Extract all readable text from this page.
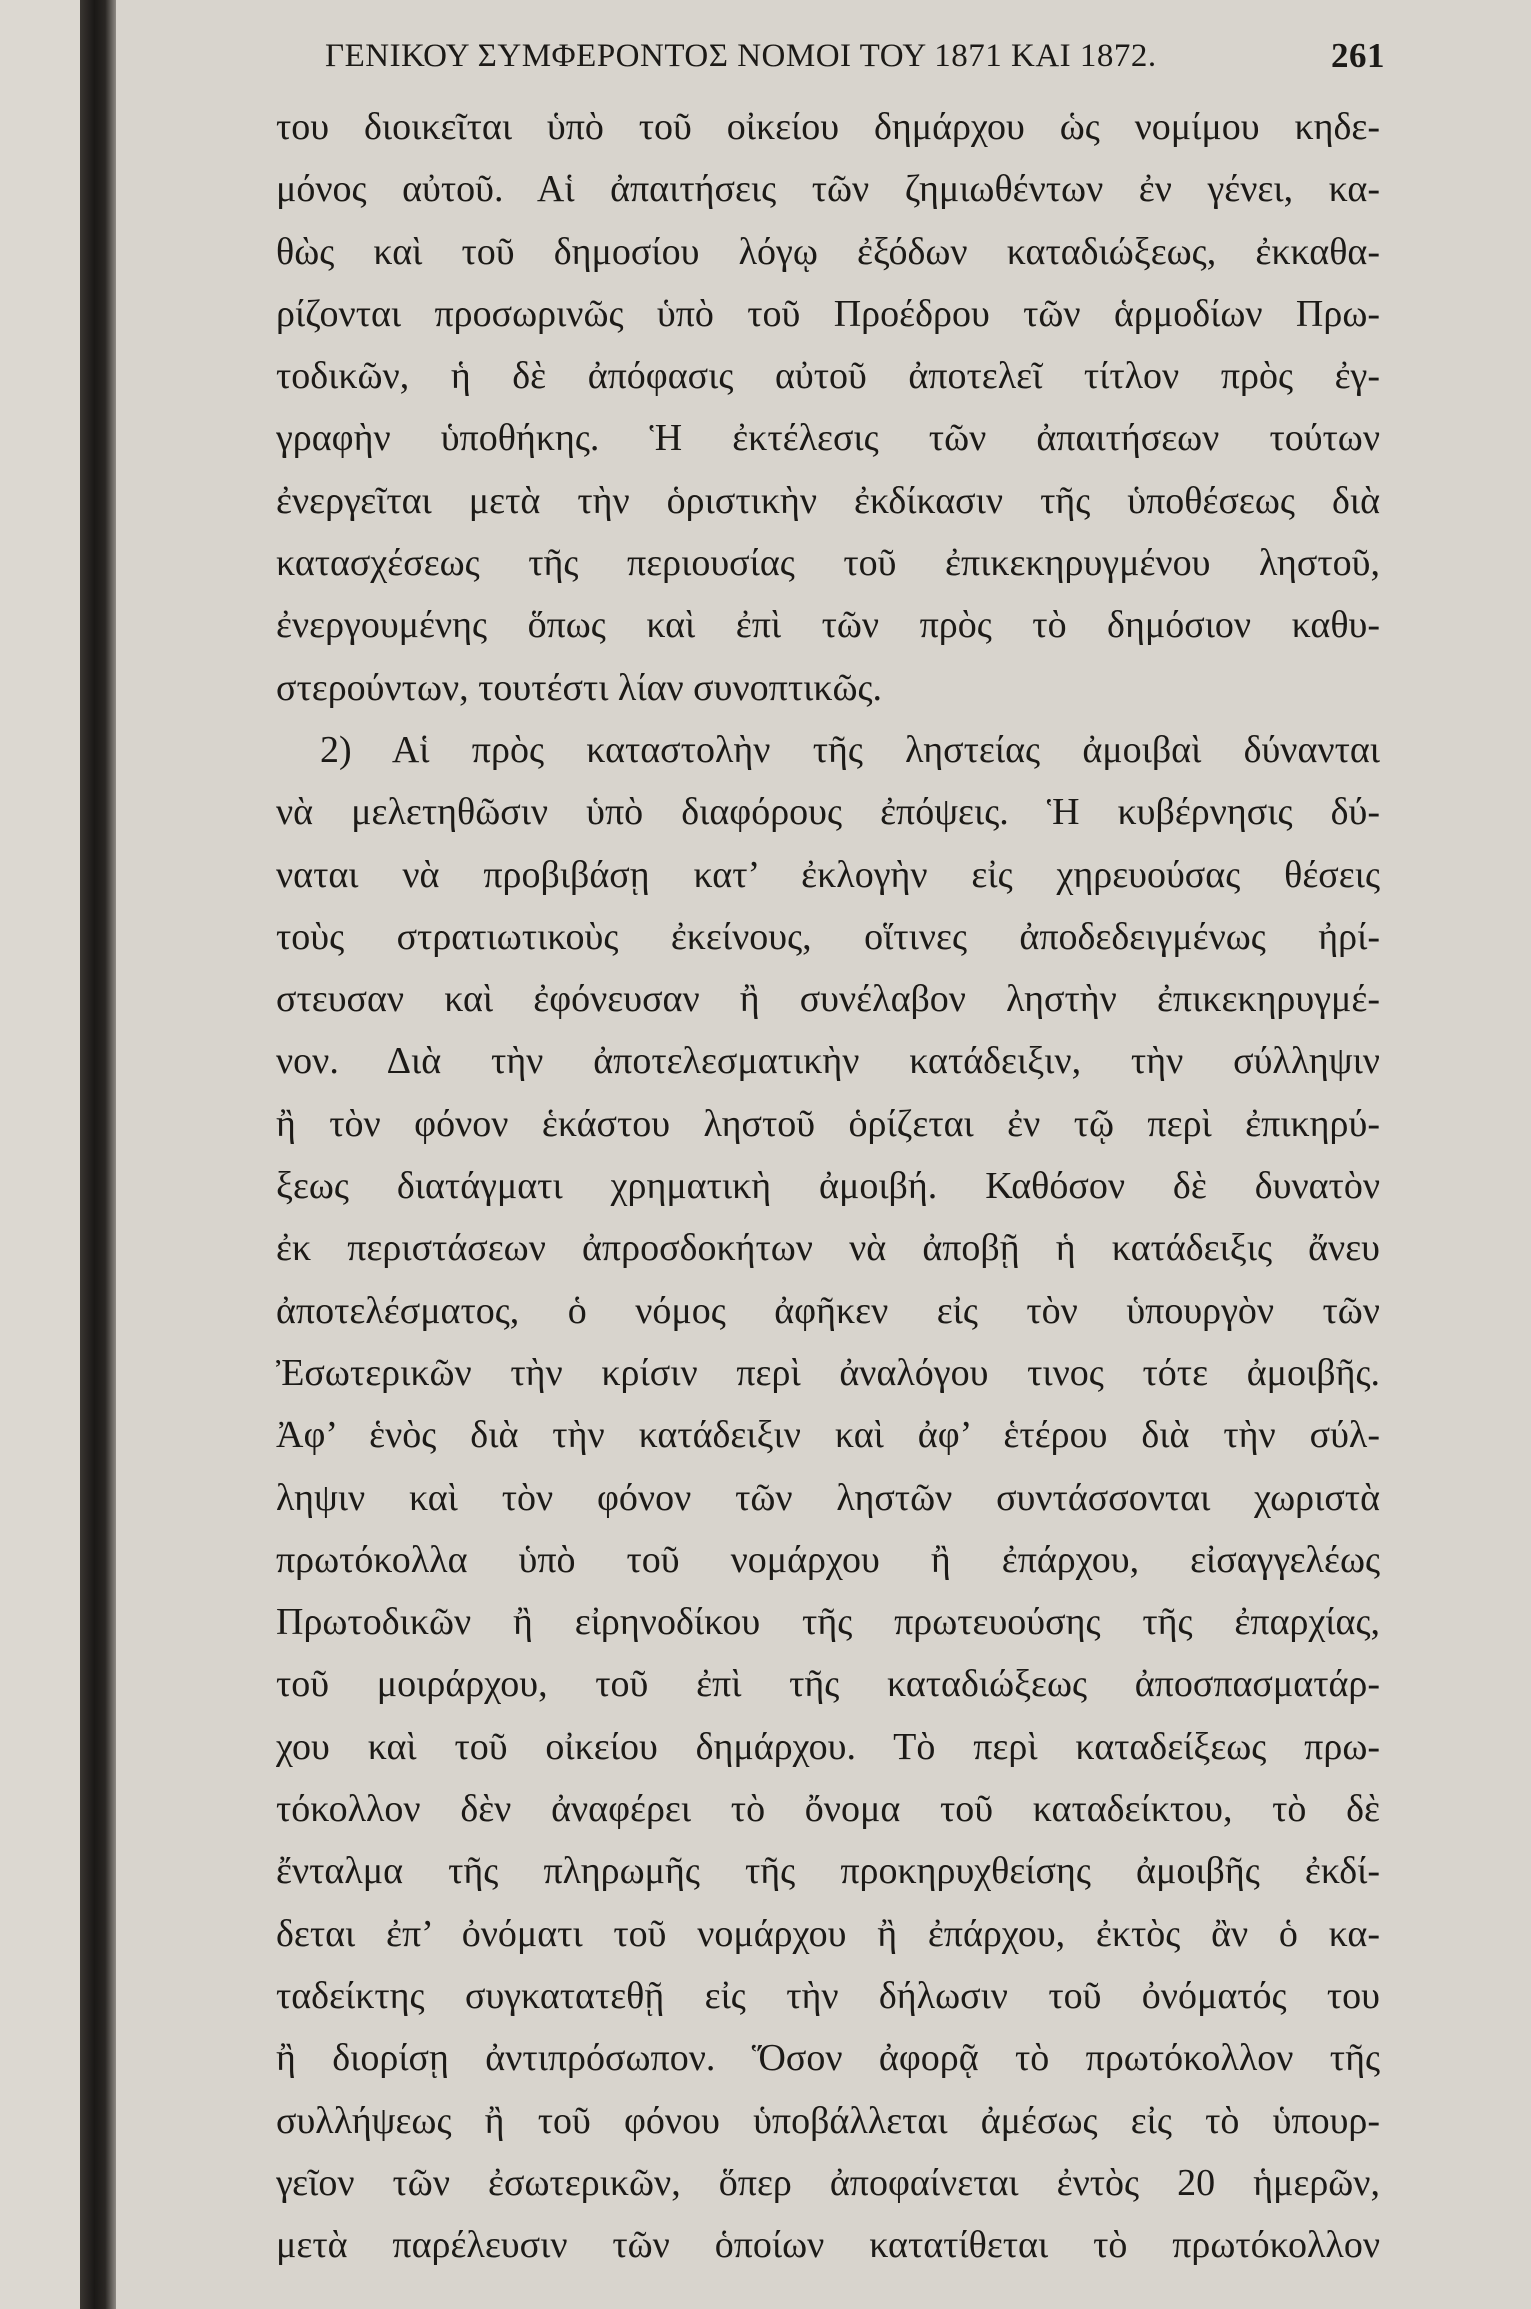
ΓΕΝΙΚΟΥ ΣΥΜΦΕΡΟΝΤΟΣ ΝΟΜΟΙ ΤΟΥ 1871 ΚΑΙ 1872.	261
του διοικεῖται ὑπὸ τοῦ οἰκείου δημάρχου ὡς νομίμου κηδε-
μόνος αὐτοῦ. Αἱ ἀπαιτήσεις τῶν ζημιωθέντων ἐν γένει, κα-
θὼς καὶ τοῦ δημοσίου λόγῳ ἐξόδων καταδιώξεως, ἐκκαθα-
ρίζονται προσωρινῶς ὑπὸ τοῦ Προέδρου τῶν ἁρμοδίων Πρω-
τοδικῶν, ἡ δὲ ἀπόφασις αὐτοῦ ἀποτελεῖ τίτλον πρὸς ἐγ-
γραφὴν ὑποθήκης. Ἡ ἐκτέλεσις τῶν ἀπαιτήσεων τούτων
ἐνεργεῖται μετὰ τὴν ὁριστικὴν ἐκδίκασιν τῆς ὑποθέσεως διὰ
κατασχέσεως τῆς περιουσίας τοῦ ἐπικεκηρυγμένου ληστοῦ,
ἐνεργουμένης ὅπως καὶ ἐπὶ τῶν πρὸς τὸ δημόσιον καθυ-
στερούντων, τουτέστι λίαν συνοπτικῶς.
2) Αἱ πρὸς καταστολὴν τῆς ληστείας ἀμοιβαὶ δύνανται
νὰ μελετηθῶσιν ὑπὸ διαφόρους ἐπόψεις. Ἡ κυβέρνησις δύ-
ναται νὰ προβιβάσῃ κατ’ ἐκλογὴν εἰς χηρευούσας θέσεις
τοὺς στρατιωτικοὺς ἐκείνους, οἵτινες ἀποδεδειγμένως ἠρί-
στευσαν καὶ ἐφόνευσαν ἢ συνέλαβον ληστὴν ἐπικεκηρυγμέ-
νον. Διὰ τὴν ἀποτελεσματικὴν κατάδειξιν, τὴν σύλληψιν
ἢ τὸν φόνον ἑκάστου ληστοῦ ὁρίζεται ἐν τῷ περὶ ἐπικηρύ-
ξεως διατάγματι χρηματικὴ ἀμοιβή. Καθόσον δὲ δυνατὸν
ἐκ περιστάσεων ἀπροσδοκήτων νὰ ἀποβῇ ἡ κατάδειξις ἄνευ
ἀποτελέσματος, ὁ νόμος ἀφῆκεν εἰς τὸν ὑπουργὸν τῶν
Ἐσωτερικῶν τὴν κρίσιν περὶ ἀναλόγου τινος τότε ἀμοιβῆς.
Ἀφ’ ἑνὸς διὰ τὴν κατάδειξιν καὶ ἀφ’ ἑτέρου διὰ τὴν σύλ-
ληψιν καὶ τὸν φόνον τῶν ληστῶν συντάσσονται χωριστὰ
πρωτόκολλα ὑπὸ τοῦ νομάρχου ἢ ἐπάρχου, εἰσαγγελέως
Πρωτοδικῶν ἢ εἰρηνοδίκου τῆς πρωτευούσης τῆς ἐπαρχίας,
τοῦ μοιράρχου, τοῦ ἐπὶ τῆς καταδιώξεως ἀποσπασματάρ-
χου καὶ τοῦ οἰκείου δημάρχου. Τὸ περὶ καταδείξεως πρω-
τόκολλον δὲν ἀναφέρει τὸ ὄνομα τοῦ καταδείκτου, τὸ δὲ
ἔνταλμα τῆς πληρωμῆς τῆς προκηρυχθείσης ἀμοιβῆς ἐκδί-
δεται ἐπ’ ὀνόματι τοῦ νομάρχου ἢ ἐπάρχου, ἐκτὸς ἂν ὁ κα-
ταδείκτης συγκατατεθῇ εἰς τὴν δήλωσιν τοῦ ὀνόματός του
ἢ διορίσῃ ἀντιπρόσωπον. Ὅσον ἀφορᾷ τὸ πρωτόκολλον τῆς
συλλήψεως ἢ τοῦ φόνου ὑποβάλλεται ἀμέσως εἰς τὸ ὑπουρ-
γεῖον τῶν ἐσωτερικῶν, ὅπερ ἀποφαίνεται ἐντὸς 20 ἡμερῶν,
μετὰ παρέλευσιν τῶν ὁποίων κατατίθεται τὸ πρωτόκολλον
